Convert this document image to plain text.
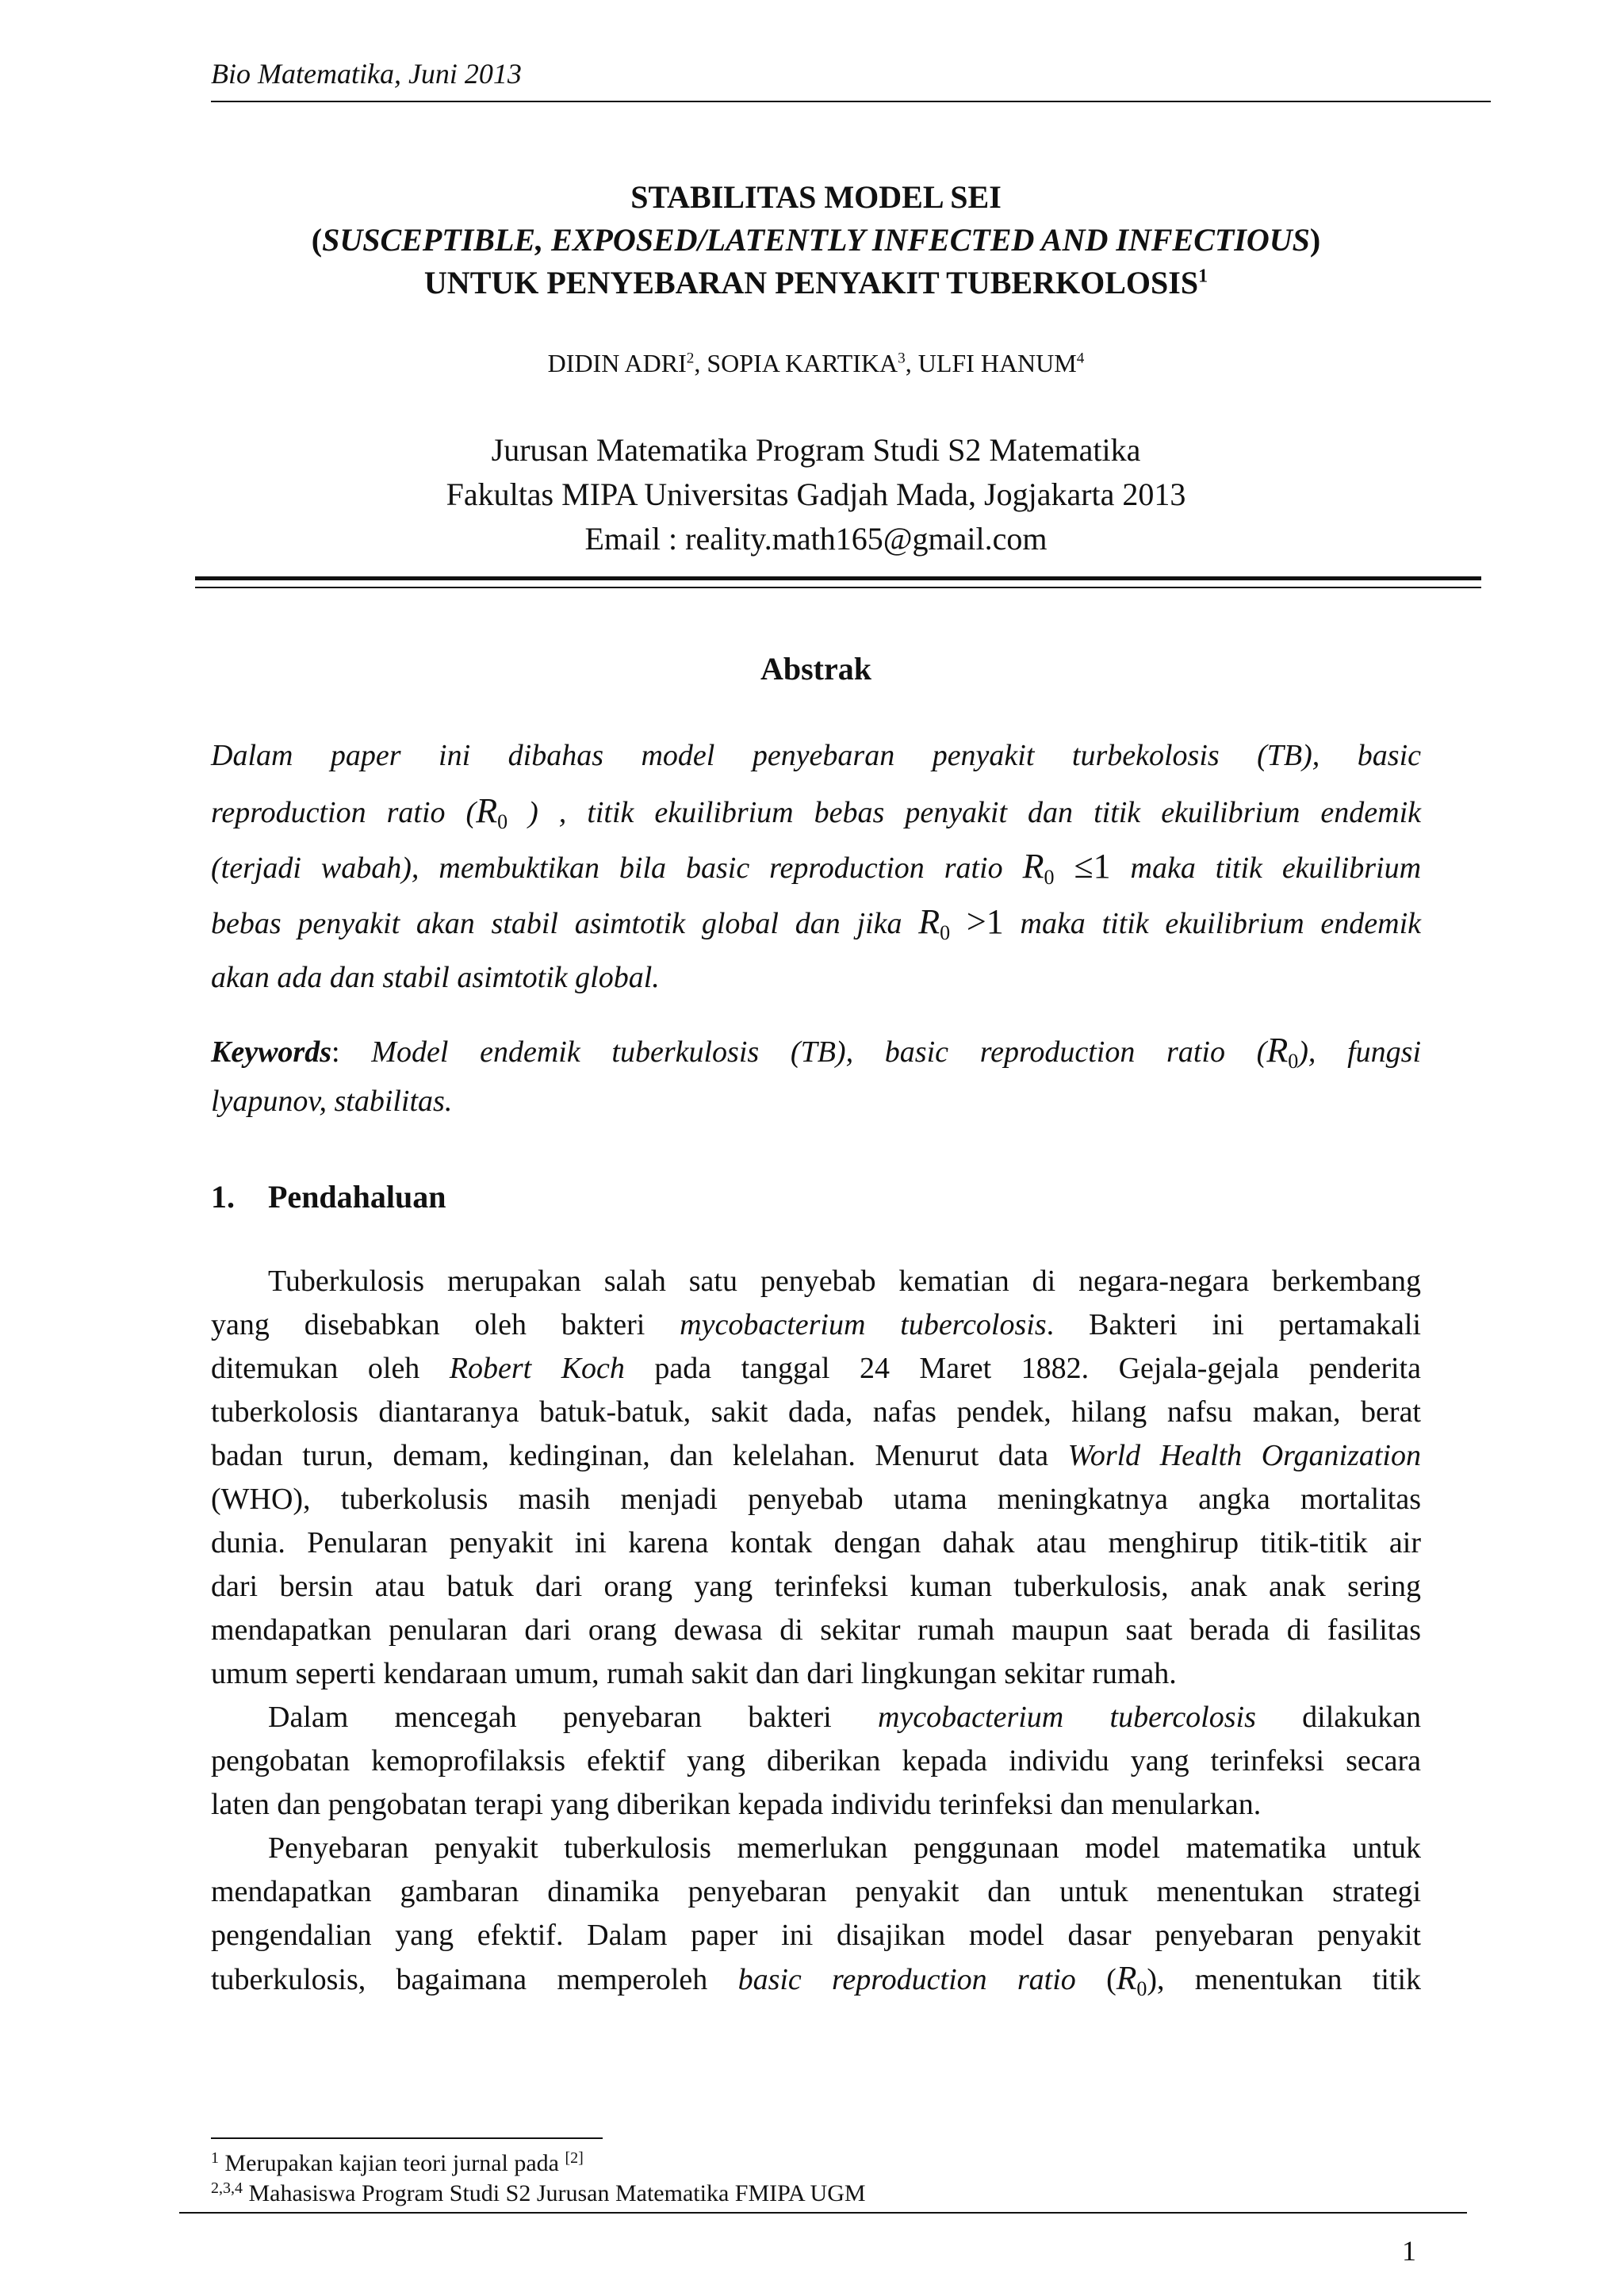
Bio Matematika, Juni 2013
STABILITAS MODEL SEI
(SUSCEPTIBLE, EXPOSED/LATENTLY INFECTED AND INFECTIOUS)
UNTUK PENYEBARAN PENYAKIT TUBERKOLOSIS$^1$
DIDIN ADRI$^2$, SOPIA KARTIKA$^3$, ULFI HANUM$^4$
Jurusan Matematika Program Studi S2 Matematika
Fakultas MIPA Universitas Gadjah Mada, Jogjakarta 2013
Email : reality.math165@gmail.com
Abstrak
Dalam paper ini dibahas model penyebaran penyakit turbekolosis (TB), basic
reproduction ratio ($R_0$ ) , titik ekuilibrium bebas penyakit dan titik ekuilibrium endemik
(terjadi wabah), membuktikan bila basic reproduction ratio $R_0 \le 1$ maka titik ekuilibrium
bebas penyakit akan stabil asimtotik global dan jika $R_0 >1$ maka titik ekuilibrium endemik
akan ada dan stabil asimtotik global.
Keywords: Model endemik tuberkulosis (TB), basic reproduction ratio $(R_0)$, fungsi
lyapunov, stabilitas.
1. Pendahaluan
Tuberkulosis merupakan salah satu penyebab kematian di negara-negara berkembang
yang disebabkan oleh bakteri mycobacterium tubercolosis. Bakteri ini pertamakali
ditemukan oleh Robert Koch pada tanggal 24 Maret 1882. Gejala-gejala penderita
tuberkolosis diantaranya batuk-batuk, sakit dada, nafas pendek, hilang nafsu makan, berat
badan turun, demam, kedinginan, dan kelelahan. Menurut data World Health Organization
(WHO), tuberkolusis masih menjadi penyebab utama meningkatnya angka mortalitas
dunia. Penularan penyakit ini karena kontak dengan dahak atau menghirup titik-titik air
dari bersin atau batuk dari orang yang terinfeksi kuman tuberkulosis, anak anak sering
mendapatkan penularan dari orang dewasa di sekitar rumah maupun saat berada di fasilitas
umum seperti kendaraan umum, rumah sakit dan dari lingkungan sekitar rumah.
Dalam mencegah penyebaran bakteri mycobacterium tubercolosis dilakukan
pengobatan kemoprofilaksis efektif yang diberikan kepada individu yang terinfeksi secara
laten dan pengobatan terapi yang diberikan kepada individu terinfeksi dan menularkan.
Penyebaran penyakit tuberkulosis memerlukan penggunaan model matematika untuk
mendapatkan gambaran dinamika penyebaran penyakit dan untuk menentukan strategi
pengendalian yang efektif. Dalam paper ini disajikan model dasar penyebaran penyakit
tuberkulosis, bagaimana memperoleh basic reproduction ratio $(R_0)$, menentukan titik
$^1$ Merupakan kajian teori jurnal pada [2]
$^{2,3,4}$ Mahasiswa Program Studi S2 Jurusan Matematika FMIPA UGM
1
